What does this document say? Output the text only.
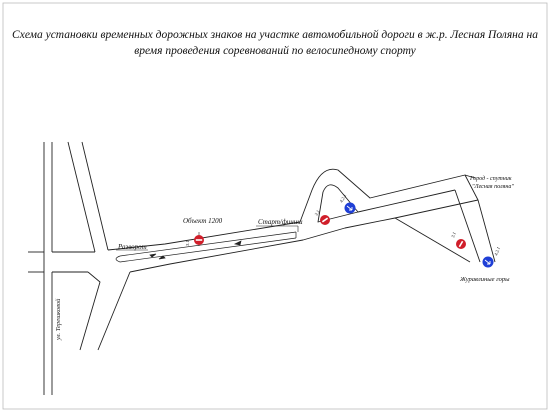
Схема установки временных дорожных знаков на участке автомобильной дороги в ж.р. Лесная Поляна на
время проведения соревнований по велосипедному спорту
ул. Терешковой
Разворот
Объект 1200	Старт/финиш
Город - спутник
"Лесная поляна"
Журавлиные горы
3.1
3.1
4.2.1
3.1
4.2.1
